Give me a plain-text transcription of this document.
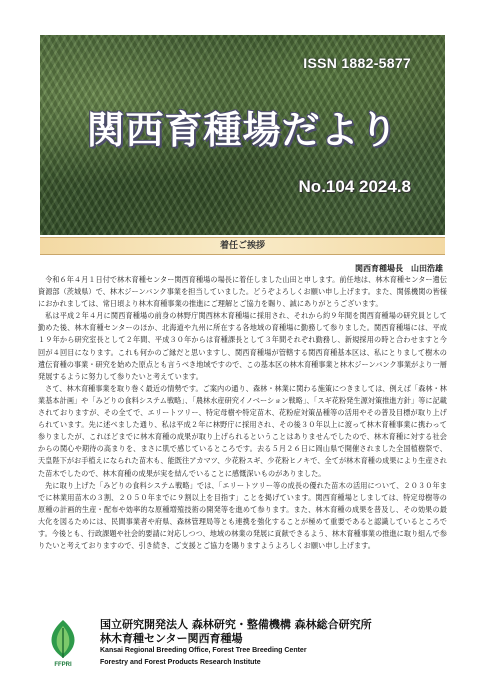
ISSN 1882-5877
関西育種場だより
No.104 2024.8
着任ご挨拶
関西育種場長　山田浩雄

令和６年４月１日付で林木育種センター関西育種場の場長に着任しました山田と申します。前任地は、林木育種センター遺伝資源部（茨城県）で、林木ジーンバンク事業を担当していました。どうぞよろしくお願い申し上げます。また、関係機関の皆様におかれましては、常日頃より林木育種事業の推進にご理解とご協力を賜り、誠にありがとうございます。

私は平成２年４月に関西育種場の前身の林野庁関西林木育種場に採用され、それから約９年間を関西育種場の研究員として勤めた後、林木育種センターのほか、北海道や九州に所在する各地域の育種場に勤務して参りました。関西育種場には、平成１９年から研究室長として２年間、平成３０年からは育種課長として３年間それぞれ勤務し、新規採用の時と合わせますと今回が４回目になります。これも何かのご縁だと思いますし、関西育種場が管轄する関西育種基本区は、私にとりまして樹木の遺伝育種の事業・研究を始めた原点とも言うべき地域ですので、この基本区の林木育種事業と林木ジーンバンク事業がより一層発展するように努力して参りたいと考えています。

さて、林木育種事業を取り巻く最近の情勢です。ご案内の通り、森林・林業に関わる施策につきましては、例えば「森林・林業基本計画」や「みどりの食料システム戦略」、「農林水産研究イノベーション戦略」、「スギ花粉発生源対策推進方針」等に記載されておりますが、その全てで、エリートツリー、特定母樹や特定苗木、花粉症対策品種等の活用やその普及目標が取り上げられています。先に述べました通り、私は平成２年に林野庁に採用され、その後３０年以上に渡って林木育種事業に携わって参りましたが、これほどまでに林木育種の成果が取り上げられるということはありませんでしたので、林木育種に対する社会からの関心や期待の高まりを、まさに肌で感じているところです。去る５月２６日に岡山県で開催されました全国植樹祭で、天皇陛下がお手植えになられた苗木も、能既往アカマツ、少花粉スギ、少花粉ヒノキで、全てが林木育種の成果により生産された苗木でしたので、林木育種の成果が実を結んでいることに感慨深いものがありました。

先に取り上げた「みどりの食料システム戦略」では、「エリートツリー等の成長の優れた苗木の活用について、２０３０年までに林業用苗木の３割、２０５０年までに９割以上を目指す」ことを掲げています。関西育種場としましては、特定母樹等の原種の計画的生産・配布や効率的な原種増殖技術の開発等を進めて参ります。また、林木育種の成果を普及し、その効果の最大化を図るためには、民間事業者や府県、森林管理局等とも連携を強化することが極めて重要であると認識しているところです。今後とも、行政課題や社会的要請に対応しつつ、地域の林業の発展に貢献できるよう、林木育種事業の推進に取り組んで参りたいと考えておりますので、引き続き、ご支援とご協力を賜りますようよろしくお願い申し上げます。

FFPRI
国立研究開発法人 森林研究・整備機構 森林総合研究所
林木育種センター関西育種場
Kansai Regional Breeding Office, Forest Tree Breeding Center
Forestry and Forest Products Research Institute
